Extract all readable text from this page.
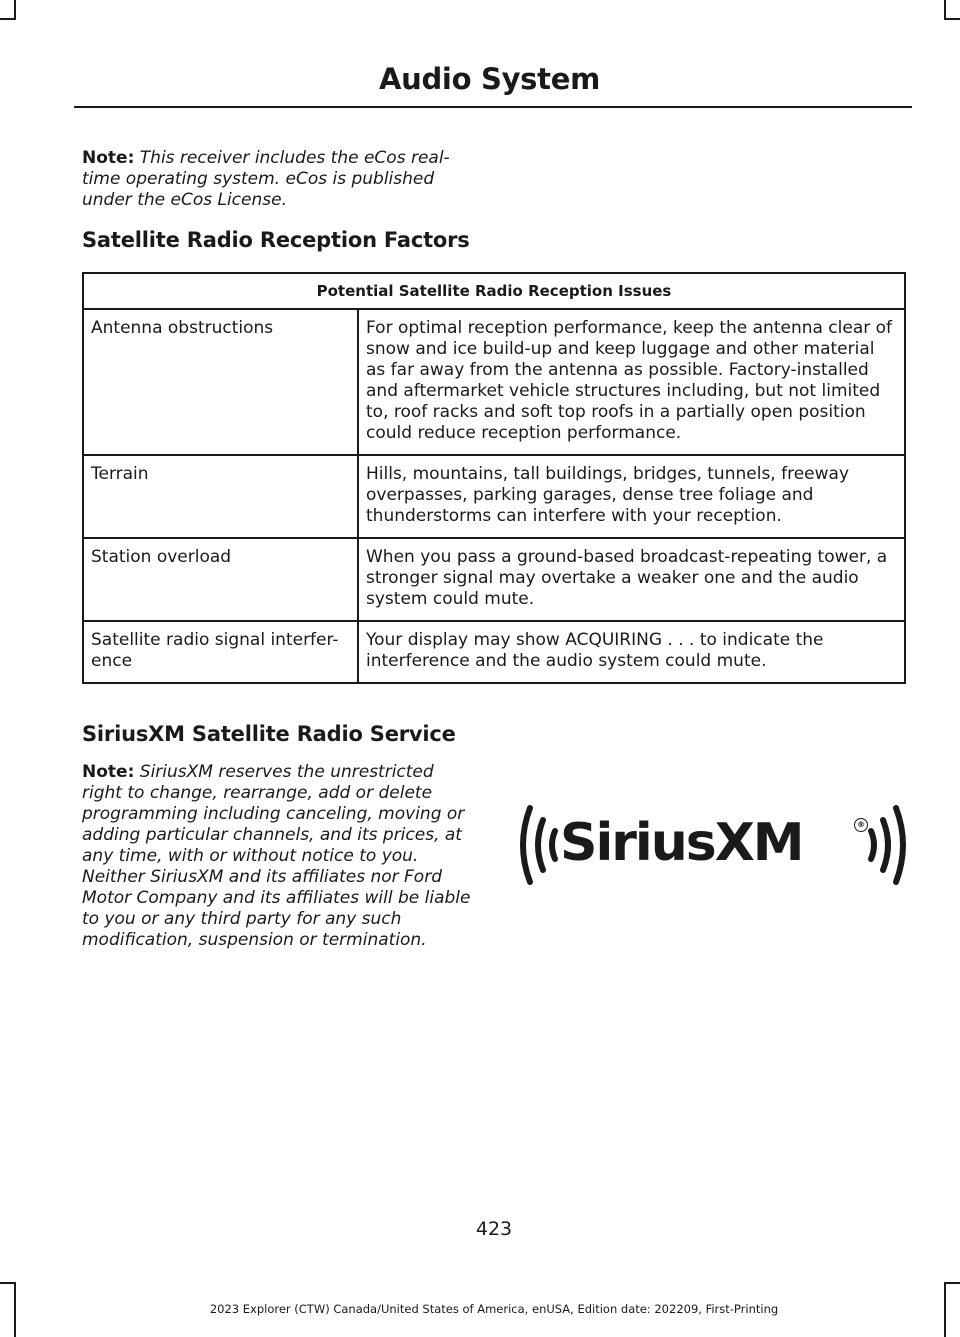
Audio System
Note: This receiver includes the eCos real-time operating system. eCos is published under the eCos License.
Satellite Radio Reception Factors
Potential Satellite Radio Reception Issues	
Antenna obstructions	For optimal reception performance, keep the antenna clear of snow and ice build-up and keep luggage and other material as far away from the antenna as possible. Factory-installed and aftermarket vehicle structures including, but not limited to, roof racks and soft top roofs in a partially open position could reduce reception performance.
Terrain	Hills, mountains, tall buildings, bridges, tunnels, freeway overpasses, parking garages, dense tree foliage and thunderstorms can interfere with your reception.
Station overload	When you pass a ground-based broadcast-repeating tower, a stronger signal may overtake a weaker one and the audio system could mute.
Satellite radio signal interfer-ence	Your display may show ACQUIRING . . . to indicate the interference and the audio system could mute.
SiriusXM Satellite Radio Service
Note: SiriusXM reserves the unrestricted right to change, rearrange, add or delete programming including canceling, moving or adding particular channels, and its prices, at any time, with or without notice to you. Neither SiriusXM and its affiliates nor Ford Motor Company and its affiliates will be liable to you or any third party for any such modification, suspension or termination.
SiriusXM	®
423
2023 Explorer (CTW) Canada/United States of America, enUSA, Edition date: 202209, First-Printing
